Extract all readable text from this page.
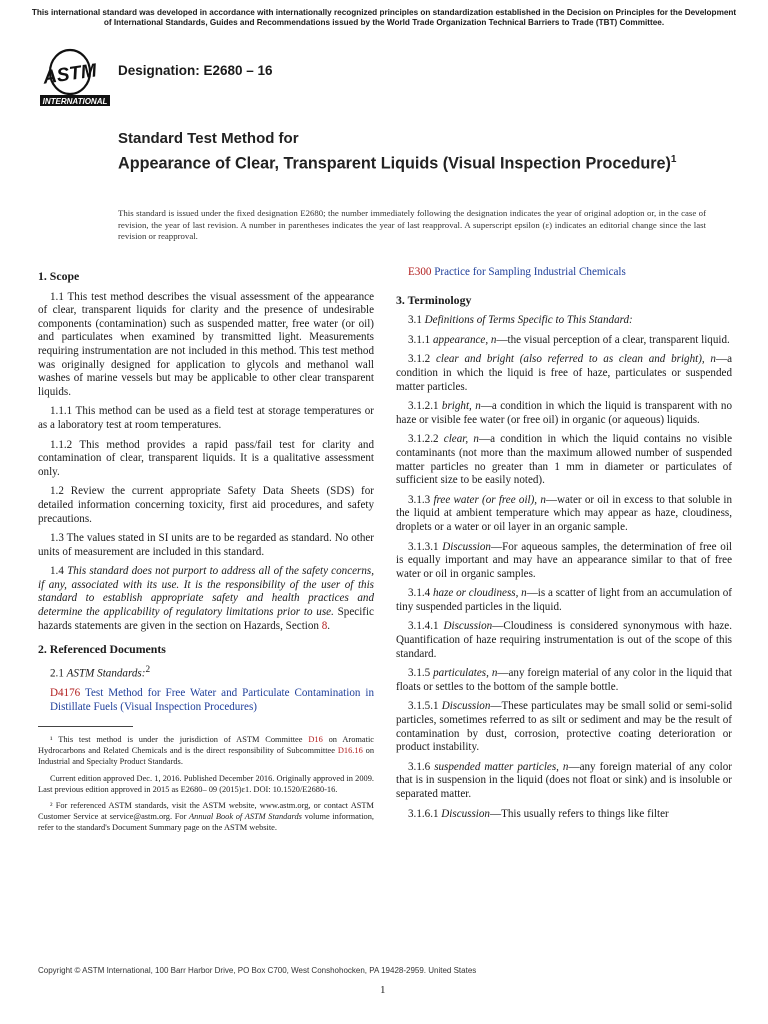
This international standard was developed in accordance with internationally recognized principles on standardization established in the Decision on Principles for the Development of International Standards, Guides and Recommendations issued by the World Trade Organization Technical Barriers to Trade (TBT) Committee.
ASTM
INTERNATIONAL
Designation: E2680 – 16
Standard Test Method for
Appearance of Clear, Transparent Liquids (Visual Inspection Procedure)$^1$
This standard is issued under the fixed designation E2680; the number immediately following the designation indicates the year of original adoption or, in the case of revision, the year of last revision. A number in parentheses indicates the year of last reapproval. A superscript epsilon (ε) indicates an editorial change since the last revision or reapproval.
1. Scope

1.1 This test method describes the visual assessment of the appearance of clear, transparent liquids for clarity and the presence of undesirable components (contamination) such as suspended matter, free water (or oil) and particulates when examined by transmitted light. Measurements requiring instrumentation are not included in this method. This test method was originally designed for application to glycols and methanol wall washes of marine vessels but may be applicable to other clear transparent liquids.

1.1.1 This method can be used as a field test at storage temperatures or as a laboratory test at room temperatures.

1.1.2 This method provides a rapid pass/fail test for clarity and contamination of clear, transparent liquids. It is a qualitative assessment only.

1.2 Review the current appropriate Safety Data Sheets (SDS) for detailed information concerning toxicity, first aid procedures, and safety precautions.

1.3 The values stated in SI units are to be regarded as standard. No other units of measurement are included in this standard.

1.4 This standard does not purport to address all of the safety concerns, if any, associated with its use. It is the responsibility of the user of this standard to establish appropriate safety and health practices and determine the applicability of regulatory limitations prior to use. Specific hazards statements are given in the section on Hazards, Section 8.

2. Referenced Documents

2.1 ASTM Standards:$^2$

D4176 Test Method for Free Water and Particulate Contamination in Distillate Fuels (Visual Inspection Procedures)

¹ This test method is under the jurisdiction of ASTM Committee D16 on Aromatic Hydrocarbons and Related Chemicals and is the direct responsibility of Subcommittee D16.16 on Industrial and Specialty Product Standards.

Current edition approved Dec. 1, 2016. Published December 2016. Originally approved in 2009. Last previous edition approved in 2015 as E2680– 09 (2015)ε1. DOI: 10.1520/E2680-16.

² For referenced ASTM standards, visit the ASTM website, www.astm.org, or contact ASTM Customer Service at service@astm.org. For Annual Book of ASTM Standards volume information, refer to the standard's Document Summary page on the ASTM website.

E300 Practice for Sampling Industrial Chemicals

3. Terminology

3.1 Definitions of Terms Specific to This Standard:

3.1.1 appearance, n—the visual perception of a clear, transparent liquid.

3.1.2 clear and bright (also referred to as clean and bright), n—a condition in which the liquid is free of haze, particulates or suspended matter particles.

3.1.2.1 bright, n—a condition in which the liquid is transparent with no haze or visible fee water (or free oil) in organic (or aqueous) liquids.

3.1.2.2 clear, n—a condition in which the liquid contains no visible contaminants (not more than the maximum allowed number of suspended matter particles no greater than 1 mm in diameter or particulates of sufficient size to be easily noted).

3.1.3 free water (or free oil), n—water or oil in excess to that soluble in the liquid at ambient temperature which may appear as haze, cloudiness, droplets or a water or oil layer in an organic sample.

3.1.3.1 Discussion—For aqueous samples, the determination of free oil is equally important and may have an appearance similar to that of free water or oil in organic samples.

3.1.4 haze or cloudiness, n—is a scatter of light from an accumulation of tiny suspended particles in the liquid.

3.1.4.1 Discussion—Cloudiness is considered synonymous with haze. Quantification of haze requiring instrumentation is out of the scope of this standard.

3.1.5 particulates, n—any foreign material of any color in the liquid that floats or settles to the bottom of the sample bottle.

3.1.5.1 Discussion—These particulates may be small solid or semi-solid particles, sometimes referred to as silt or sediment and may be the result of contamination by dust, corrosion, protective coating deterioration or product instability.

3.1.6 suspended matter particles, n—any foreign material of any color that is in suspension in the liquid (does not float or sink) and is insoluble or separated matter.

3.1.6.1 Discussion—This usually refers to things like filter

Copyright © ASTM International, 100 Barr Harbor Drive, PO Box C700, West Conshohocken, PA 19428-2959. United States
1
